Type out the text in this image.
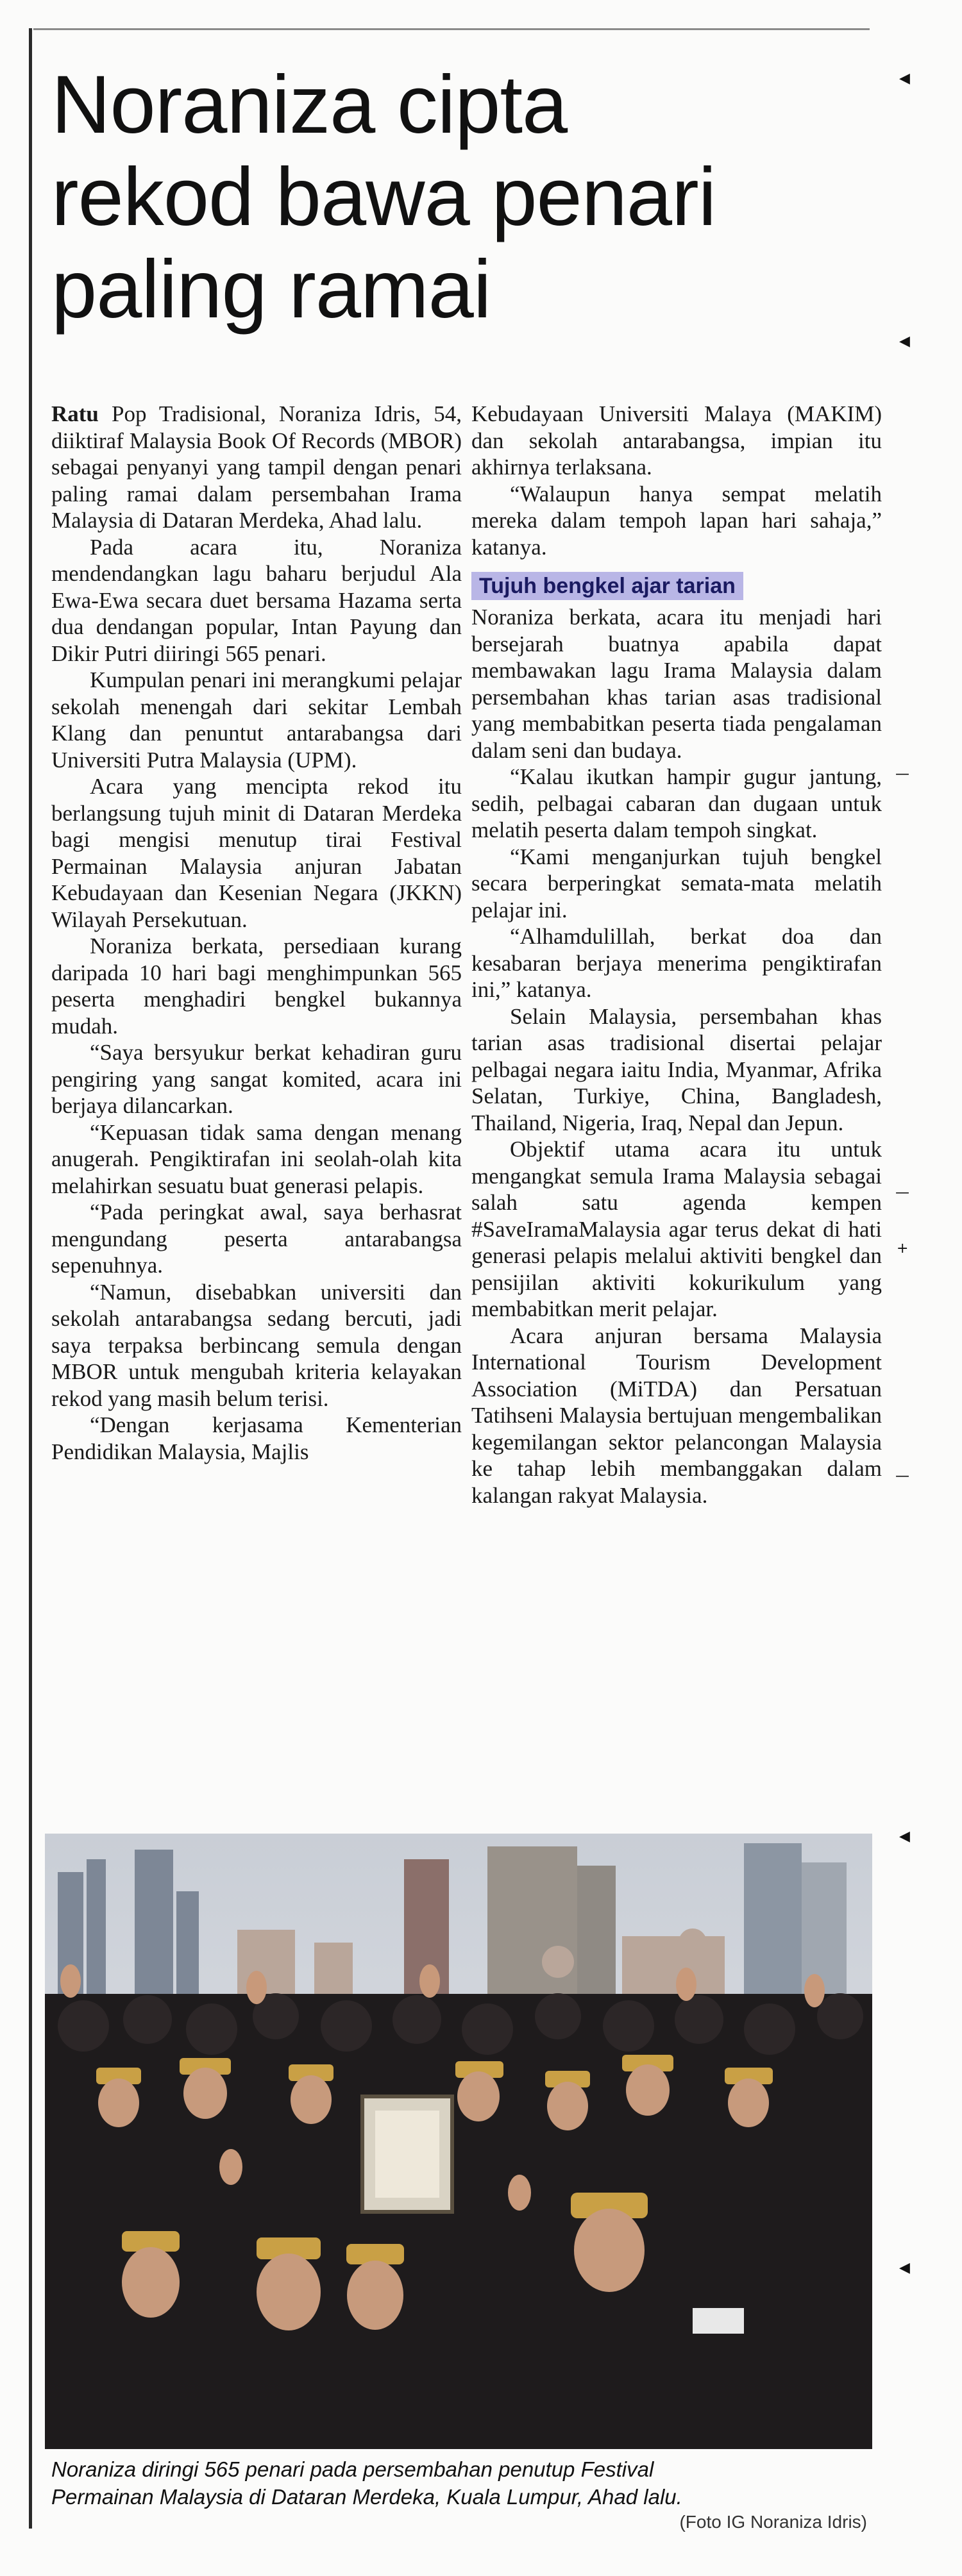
Noraniza cipta
rekod bawa penari
paling ramai

Ratu Pop Tradisional, Noraniza Idris, 54, diiktiraf Malaysia Book Of Records (MBOR) sebagai penyanyi yang tampil dengan penari paling ramai dalam persembahan Irama Malaysia di Dataran Merdeka, Ahad lalu.

Pada acara itu, Noraniza mendendangkan lagu baharu berjudul Ala Ewa-Ewa secara duet bersama Hazama serta dua dendangan popular, Intan Payung dan Dikir Putri diiringi 565 penari.

Kumpulan penari ini merangkumi pelajar sekolah menengah dari sekitar Lembah Klang dan penuntut antarabangsa dari Universiti Putra Malaysia (UPM).

Acara yang mencipta rekod itu berlangsung tujuh minit di Dataran Merdeka bagi mengisi menutup tirai Festival Permainan Malaysia anjuran Jabatan Kebudayaan dan Kesenian Negara (JKKN) Wilayah Persekutuan.

Noraniza berkata, persediaan kurang daripada 10 hari bagi menghimpunkan 565 peserta menghadiri bengkel bukannya mudah.

“Saya bersyukur berkat kehadiran guru pengiring yang sangat komited, acara ini berjaya dilancarkan.

“Kepuasan tidak sama dengan menang anugerah. Pengiktirafan ini seolah-olah kita melahirkan sesuatu buat generasi pelapis.

“Pada peringkat awal, saya berhasrat mengundang peserta antarabangsa sepenuhnya.

“Namun, disebabkan universiti dan sekolah antarabangsa sedang bercuti, jadi saya terpaksa berbincang semula dengan MBOR untuk mengubah kriteria kelayakan rekod yang masih belum terisi.

“Dengan kerjasama Kementerian Pendidikan Malaysia, Majlis

Kebudayaan Universiti Malaya (MAKIM) dan sekolah antarabangsa, impian itu akhirnya terlaksana.

“Walaupun hanya sempat melatih mereka dalam tempoh lapan hari sahaja,” katanya.

Tujuh bengkel ajar tarian

Noraniza berkata, acara itu menjadi hari bersejarah buatnya apabila dapat membawakan lagu Irama Malaysia dalam persembahan khas tarian asas tradisional yang membabitkan peserta tiada pengalaman dalam seni dan budaya.

“Kalau ikutkan hampir gugur jantung, sedih, pelbagai cabaran dan dugaan untuk melatih peserta dalam tempoh singkat.

“Kami menganjurkan tujuh bengkel secara berperingkat semata-mata melatih pelajar ini.

“Alhamdulillah, berkat doa dan kesabaran berjaya menerima pengiktirafan ini,” katanya.

Selain Malaysia, persembahan khas tarian asas tradisional disertai pelajar pelbagai negara iaitu India, Myanmar, Afrika Selatan, Turkiye, China, Bangladesh, Thailand, Nigeria, Iraq, Nepal dan Jepun.

Objektif utama acara itu untuk mengangkat semula Irama Malaysia sebagai salah satu agenda kempen #SaveIramaMalaysia agar terus dekat di hati generasi pelapis melalui aktiviti bengkel dan pensijilan aktiviti kokurikulum yang membabitkan merit pelajar.

Acara anjuran bersama Malaysia International Tourism Development Association (MiTDA) dan Persatuan Tatihseni Malaysia bertujuan mengembalikan kegemilangan sektor pelancongan Malaysia ke tahap lebih membanggakan dalam kalangan rakyat Malaysia.

◀
◀
—
—
+
—
◀
◀
Noraniza diringi 565 penari pada persembahan penutup Festival
Permainan Malaysia di Dataran Merdeka, Kuala Lumpur, Ahad lalu.
(Foto IG Noraniza Idris)
